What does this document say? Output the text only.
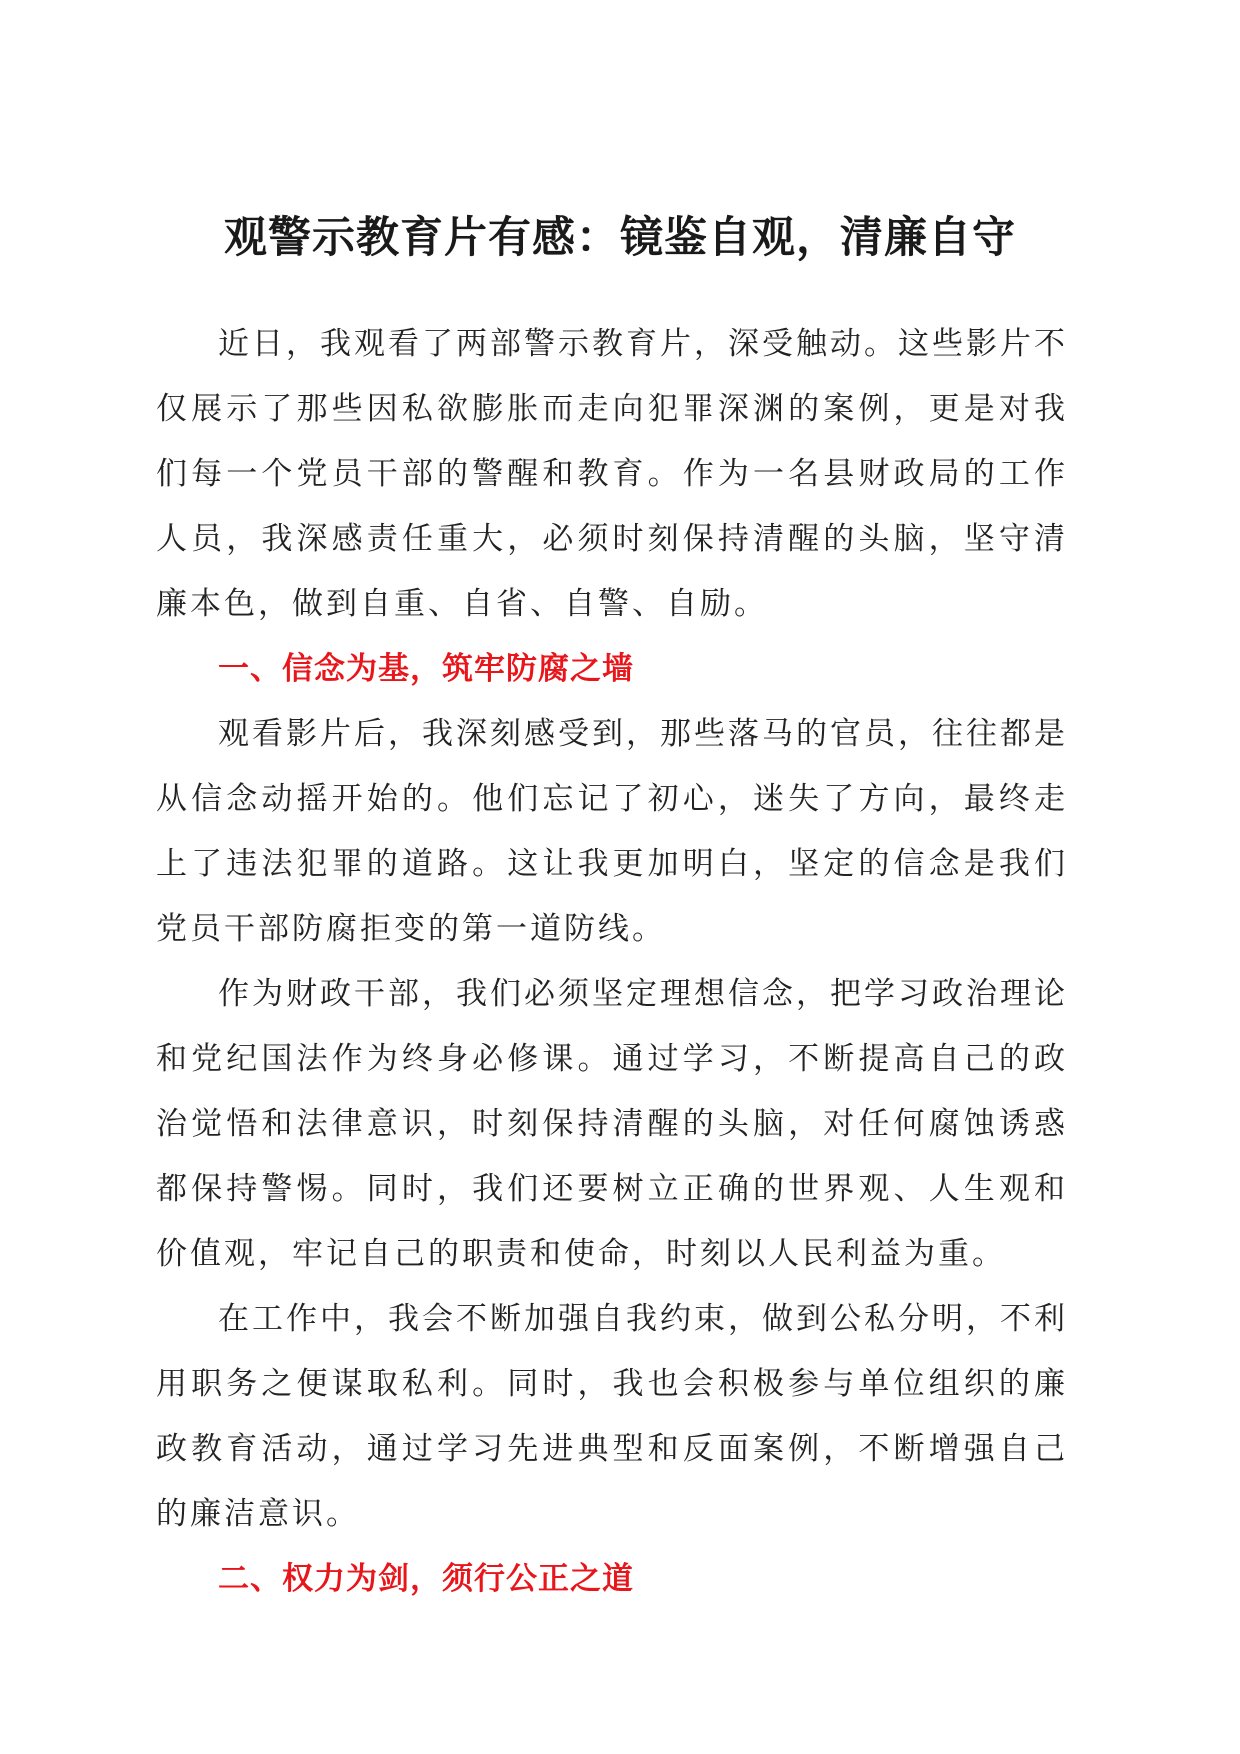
观警示教育片有感：镜鉴自观，清廉自守

近日，我观看了两部警示教育片，深受触动。这些影片不仅展示了那些因私欲膨胀而走向犯罪深渊的案例，更是对我们每一个党员干部的警醒和教育。作为一名县财政局的工作人员，我深感责任重大，必须时刻保持清醒的头脑，坚守清廉本色，做到自重、自省、自警、自励。

一、信念为基，筑牢防腐之墙

观看影片后，我深刻感受到，那些落马的官员，往往都是从信念动摇开始的。他们忘记了初心，迷失了方向，最终走上了违法犯罪的道路。这让我更加明白，坚定的信念是我们党员干部防腐拒变的第一道防线。

作为财政干部，我们必须坚定理想信念，把学习政治理论和党纪国法作为终身必修课。通过学习，不断提高自己的政治觉悟和法律意识，时刻保持清醒的头脑，对任何腐蚀诱惑都保持警惕。同时，我们还要树立正确的世界观、人生观和价值观，牢记自己的职责和使命，时刻以人民利益为重。

在工作中，我会不断加强自我约束，做到公私分明，不利用职务之便谋取私利。同时，我也会积极参与单位组织的廉政教育活动，通过学习先进典型和反面案例，不断增强自己的廉洁意识。

二、权力为剑，须行公正之道
